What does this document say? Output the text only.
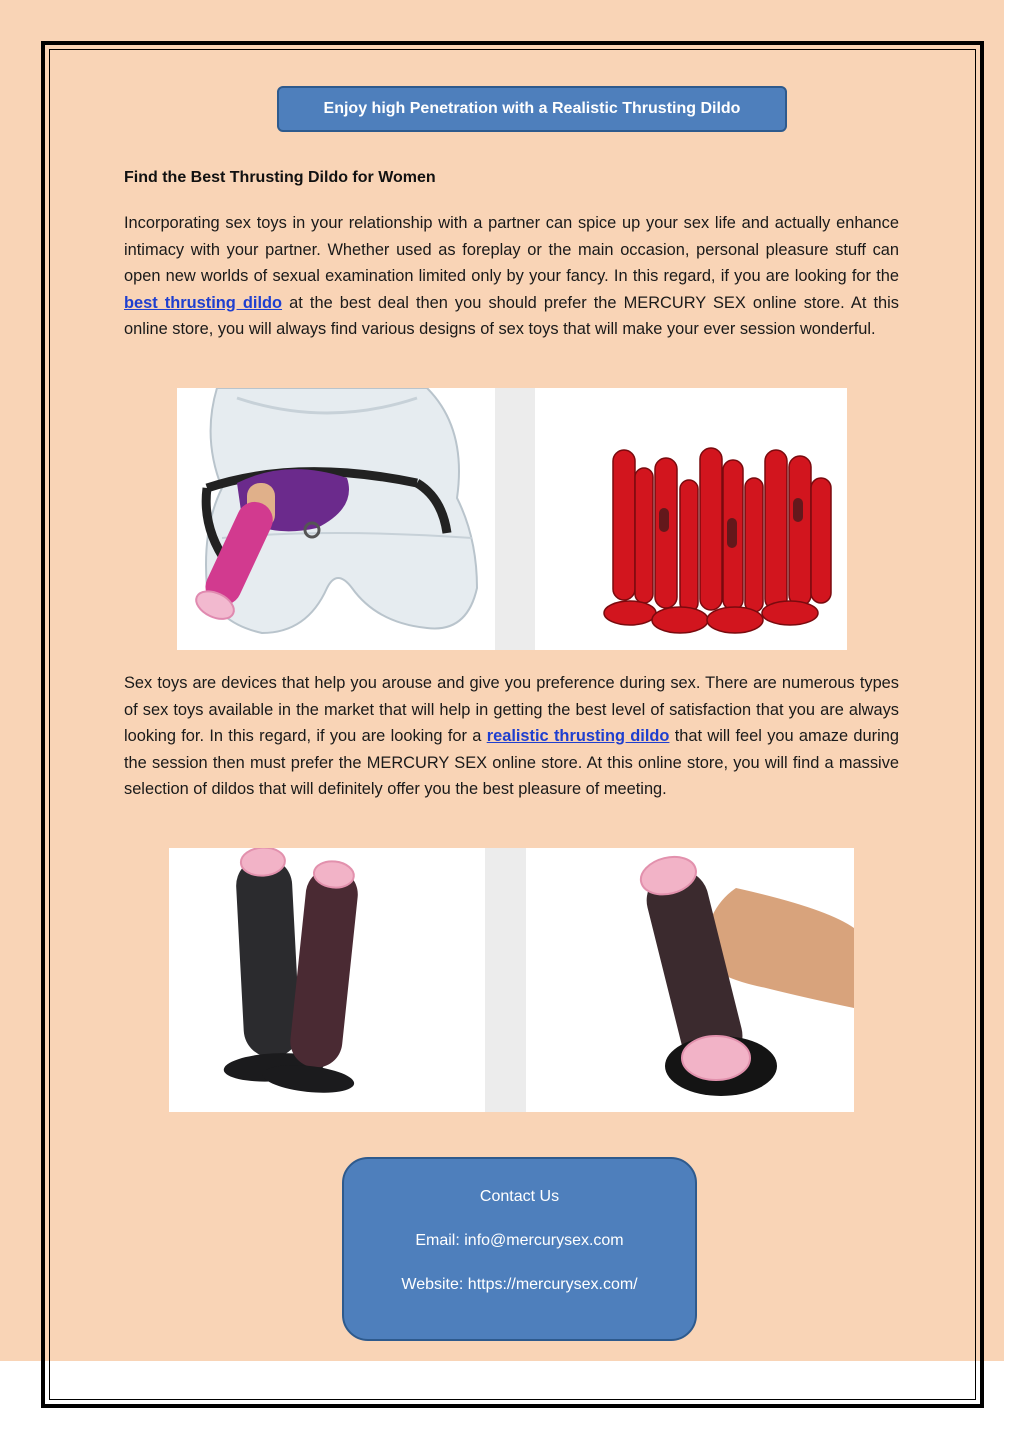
Enjoy high Penetration with a Realistic Thrusting Dildo
Find the Best Thrusting Dildo for Women

Incorporating sex toys in your relationship with a partner can spice up your sex life and actually enhance intimacy with your partner. Whether used as foreplay or the main occasion, personal pleasure stuff can open new worlds of sexual examination limited only by your fancy. In this regard, if you are looking for the best thrusting dildo at the best deal then you should prefer the MERCURY SEX online store. At this online store, you will always find various designs of sex toys that will make your ever session wonderful.

Sex toys are devices that help you arouse and give you preference during sex. There are numerous types of sex toys available in the market that will help in getting the best level of satisfaction that you are always looking for. In this regard, if you are looking for a realistic thrusting dildo that will feel you amaze during the session then must prefer the MERCURY SEX online store. At this online store, you will find a massive selection of dildos that will definitely offer you the best pleasure of meeting.

Contact Us
Email: info@mercurysex.com
Website: https://mercurysex.com/
